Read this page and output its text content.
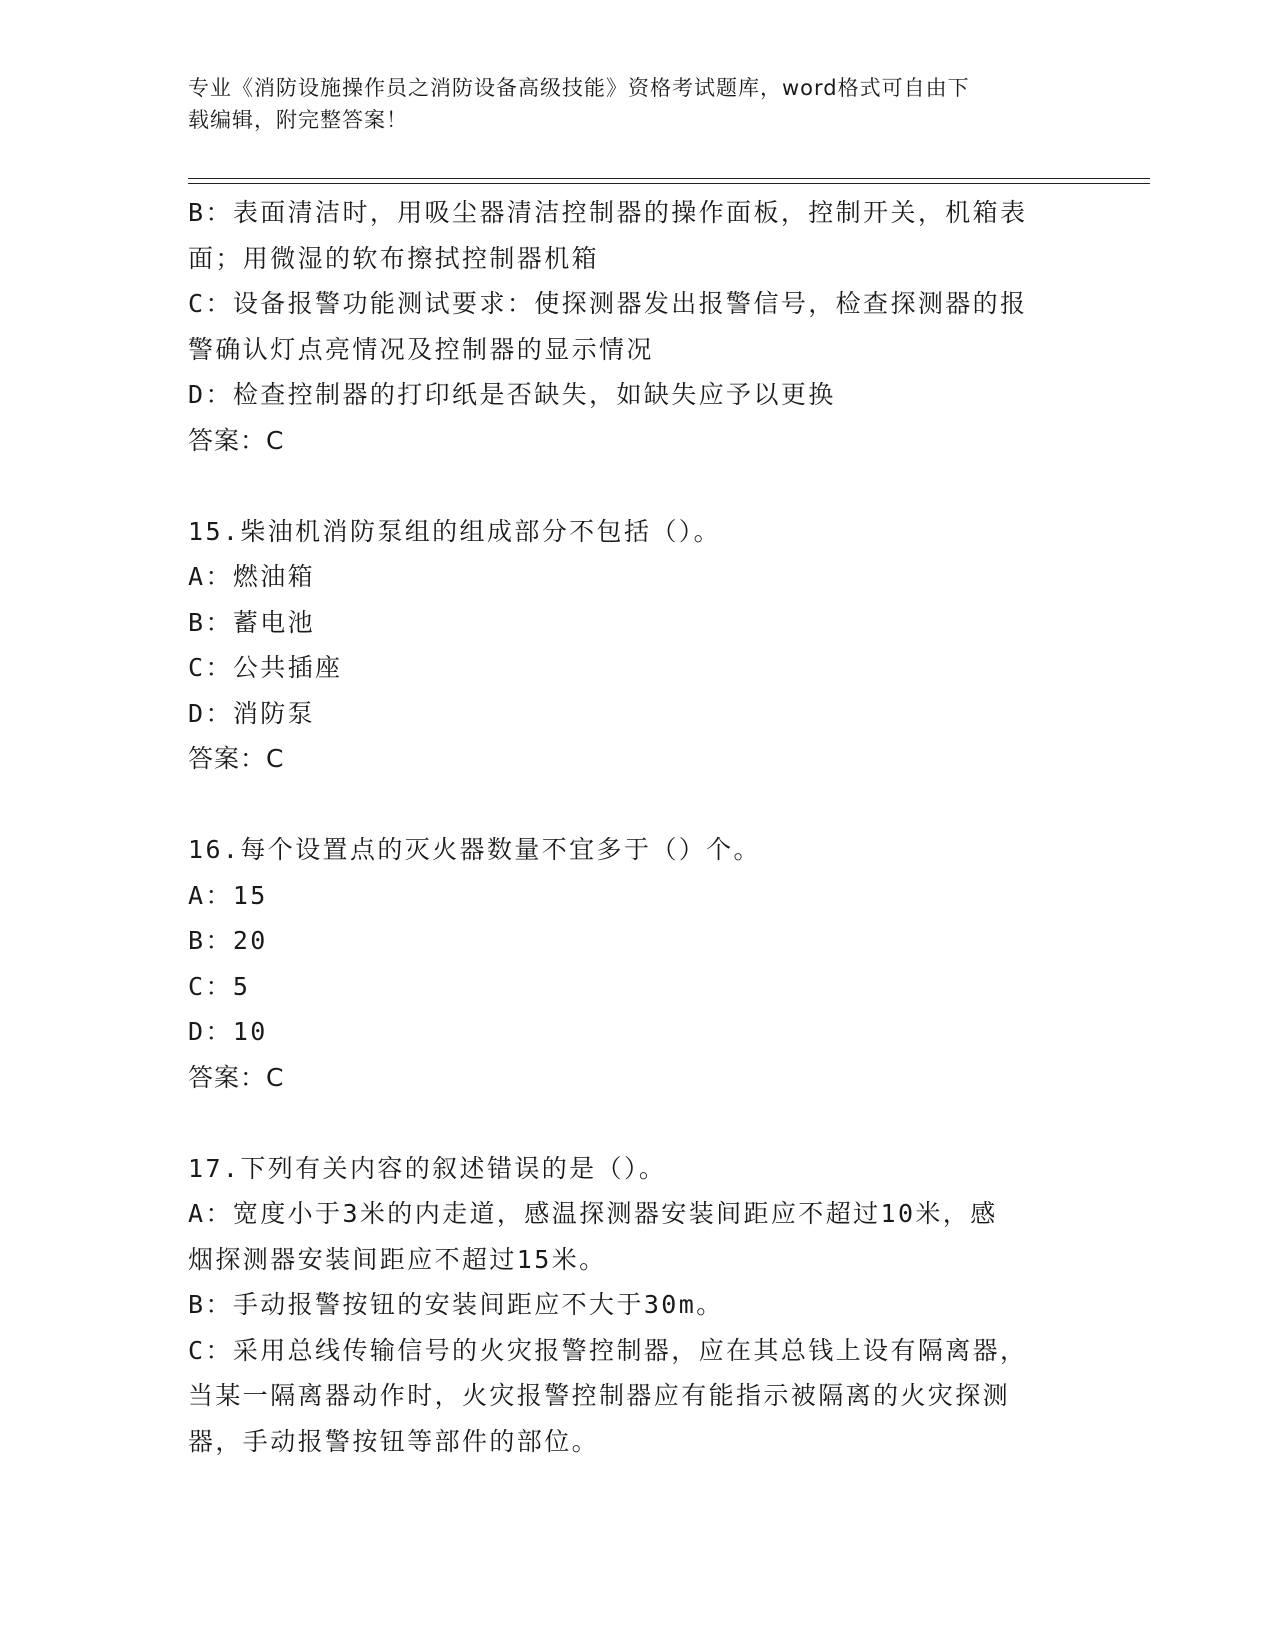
专业《消防设施操作员之消防设备高级技能》资格考试题库，word格式可自由下
载编辑，附完整答案！
B：表面清洁时，用吸尘器清洁控制器的操作面板，控制开关，机箱表
面；用微湿的软布擦拭控制器机箱
C：设备报警功能测试要求：使探测器发出报警信号，检查探测器的报
警确认灯点亮情况及控制器的显示情况
D：检查控制器的打印纸是否缺失，如缺失应予以更换
答案：C
15.柴油机消防泵组的组成部分不包括（）。
A：燃油箱
B：蓄电池
C：公共插座
D：消防泵
答案：C
16.每个设置点的灭火器数量不宜多于（）个。
A：15
B：20
C：5
D：10
答案：C
17.下列有关内容的叙述错误的是（）。
A：宽度小于3米的内走道，感温探测器安装间距应不超过10米，感
烟探测器安装间距应不超过15米。
B：手动报警按钮的安装间距应不大于30m。
C：采用总线传输信号的火灾报警控制器，应在其总钱上设有隔离器，
当某一隔离器动作时，火灾报警控制器应有能指示被隔离的火灾探测
器，手动报警按钮等部件的部位。
